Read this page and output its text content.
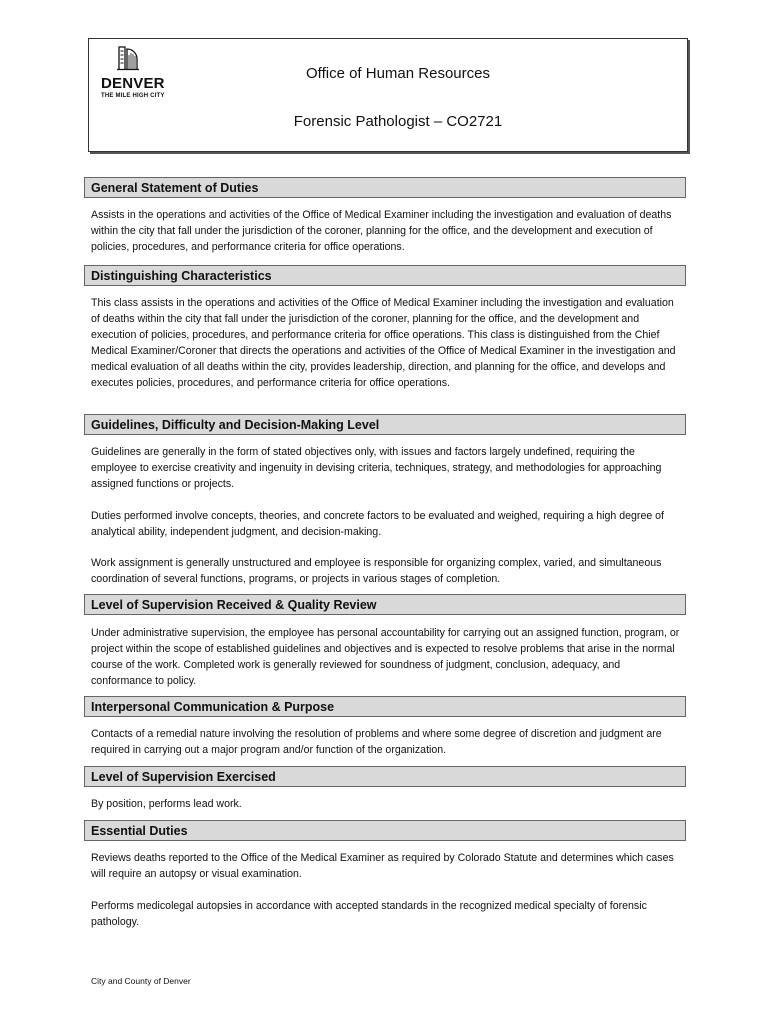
DENVER
THE MILE HIGH CITY
Office of Human Resources
Forensic Pathologist – CO2721
General Statement of Duties

Assists in the operations and activities of the Office of Medical Examiner including the investigation and evaluation of deaths within the city that fall under the jurisdiction of the coroner, planning for the office, and the development and execution of policies, procedures, and performance criteria for office operations.

Distinguishing Characteristics

This class assists in the operations and activities of the Office of Medical Examiner including the investigation and evaluation of deaths within the city that fall under the jurisdiction of the coroner, planning for the office, and the development and execution of policies, procedures, and performance criteria for office operations. This class is distinguished from the Chief Medical Examiner/Coroner that directs the operations and activities of the Office of Medical Examiner in the investigation and medical evaluation of all deaths within the city, provides leadership, direction, and planning for the office, and develops and executes policies, procedures, and performance criteria for office operations.

Guidelines, Difficulty and Decision-Making Level

Guidelines are generally in the form of stated objectives only, with issues and factors largely undefined, requiring the employee to exercise creativity and ingenuity in devising criteria, techniques, strategy, and methodologies for approaching assigned functions or projects.

Duties performed involve concepts, theories, and concrete factors to be evaluated and weighed, requiring a high degree of analytical ability, independent judgment, and decision-making.

Work assignment is generally unstructured and employee is responsible for organizing complex, varied, and simultaneous coordination of several functions, programs, or projects in various stages of completion.

Level of Supervision Received & Quality Review

Under administrative supervision, the employee has personal accountability for carrying out an assigned function, program, or project within the scope of established guidelines and objectives and is expected to resolve problems that arise in the normal course of the work. Completed work is generally reviewed for soundness of judgment, conclusion, adequacy, and conformance to policy.

Interpersonal Communication & Purpose

Contacts of a remedial nature involving the resolution of problems and where some degree of discretion and judgment are required in carrying out a major program and/or function of the organization.

Level of Supervision Exercised

By position, performs lead work.

Essential Duties

Reviews deaths reported to the Office of the Medical Examiner as required by Colorado Statute and determines which cases will require an autopsy or visual examination.

Performs medicolegal autopsies in accordance with accepted standards in the recognized medical specialty of forensic pathology.

City and County of Denver
